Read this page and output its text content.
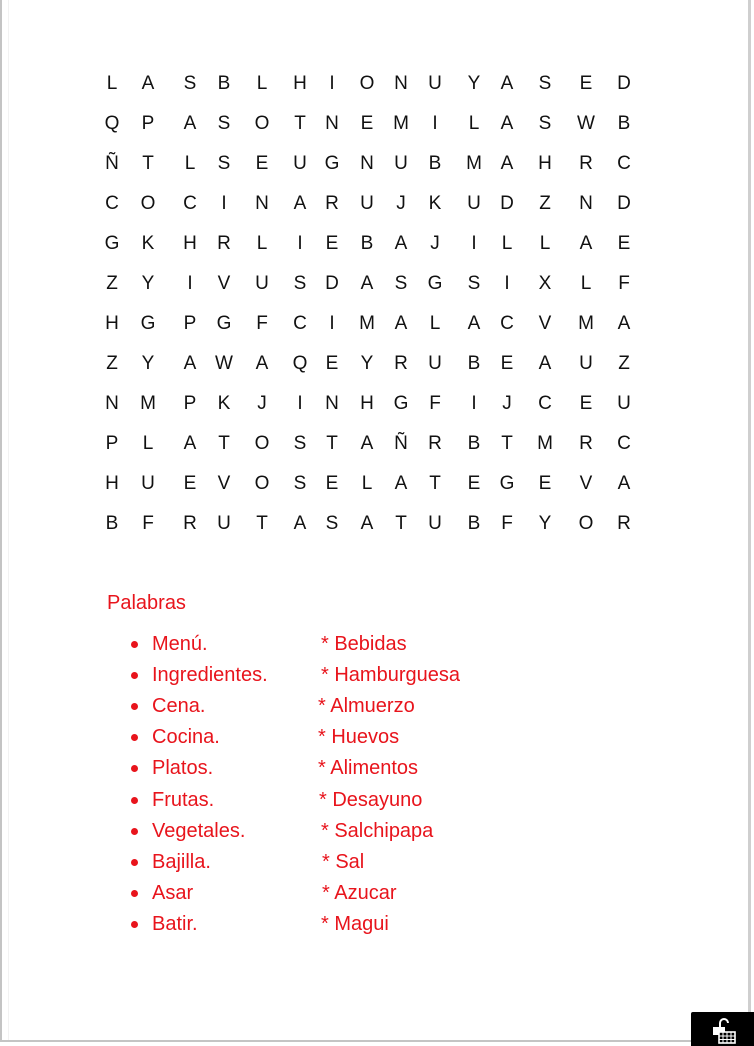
L	A S B	L	H	I	O N U Y A S E D
Q P A S O	T	N E M	I	L	A S W B
Ñ	T	L	S E U G N U B M A H R C
C O C	I	N A R U	J	K U D	Z	N D
G K H R	L	I	E B A	J	I	L	L	A E
Z	Y	I	V U S D A S G S	I	X	L	F
H G P G	F	C	I	M A	L	A C V M A
Z	Y A W A Q E Y R U B E A U	Z
N M P K	J	I	N H G	F	I	J	C E U
P	L	A	T	O S	T	A Ñ R B	T	M R C
H U E V O S E	L	A	T	E G E V A
B	F	R U	T	A S A	T	U B	F	Y O R
Palabras
Menú.	* Bebidas
Ingredientes.	* Hamburguesa
Cena.	* Almuerzo
Cocina.	* Huevos
Platos.	* Alimentos
Frutas.	* Desayuno
Vegetales.	* Salchipapa
Bajilla.	* Sal
Asar	* Azucar
Batir.	* Magui
